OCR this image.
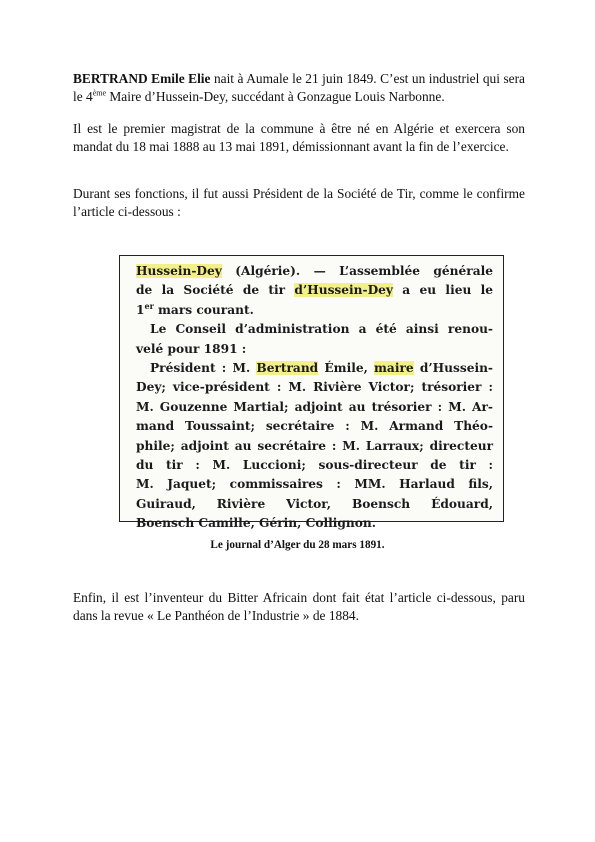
BERTRAND Emile Elie nait à Aumale le 21 juin 1849. C’est un industriel qui sera le 4ème Maire d’Hussein-Dey, succédant à Gonzague Louis Narbonne.

Il est le premier magistrat de la commune à être né en Algérie et exercera son mandat du 18 mai 1888 au 13 mai 1891, démissionnant avant la fin de l’exercice.

Durant ses fonctions, il fut aussi Président de la Société de Tir, comme le confirme l’article ci-dessous :

Hussein-Dey (Algérie). — L’assemblée générale
de la Société de tir d’Hussein-Dey a eu lieu le
1er mars courant.
Le Conseil d’administration a été ainsi renou-
velé pour 1891 :
Président : M. Bertrand Émile, maire d’Hussein-
Dey; vice-président : M. Rivière Victor; trésorier :
M. Gouzenne Martial; adjoint au trésorier : M. Ar-
mand Toussaint; secrétaire : M. Armand Théo-
phile; adjoint au secrétaire : M. Larraux; directeur
du tir : M. Luccioni; sous-directeur de tir :
M. Jaquet; commissaires : MM. Harlaud fils,
Guiraud, Rivière Victor, Boensch Édouard,
Boensch Camille, Gérin, Collignon.
Le journal d’Alger du 28 mars 1891.

Enfin, il est l’inventeur du Bitter Africain dont fait état l’article ci-dessous, paru dans la revue « Le Panthéon de l’Industrie » de 1884.
